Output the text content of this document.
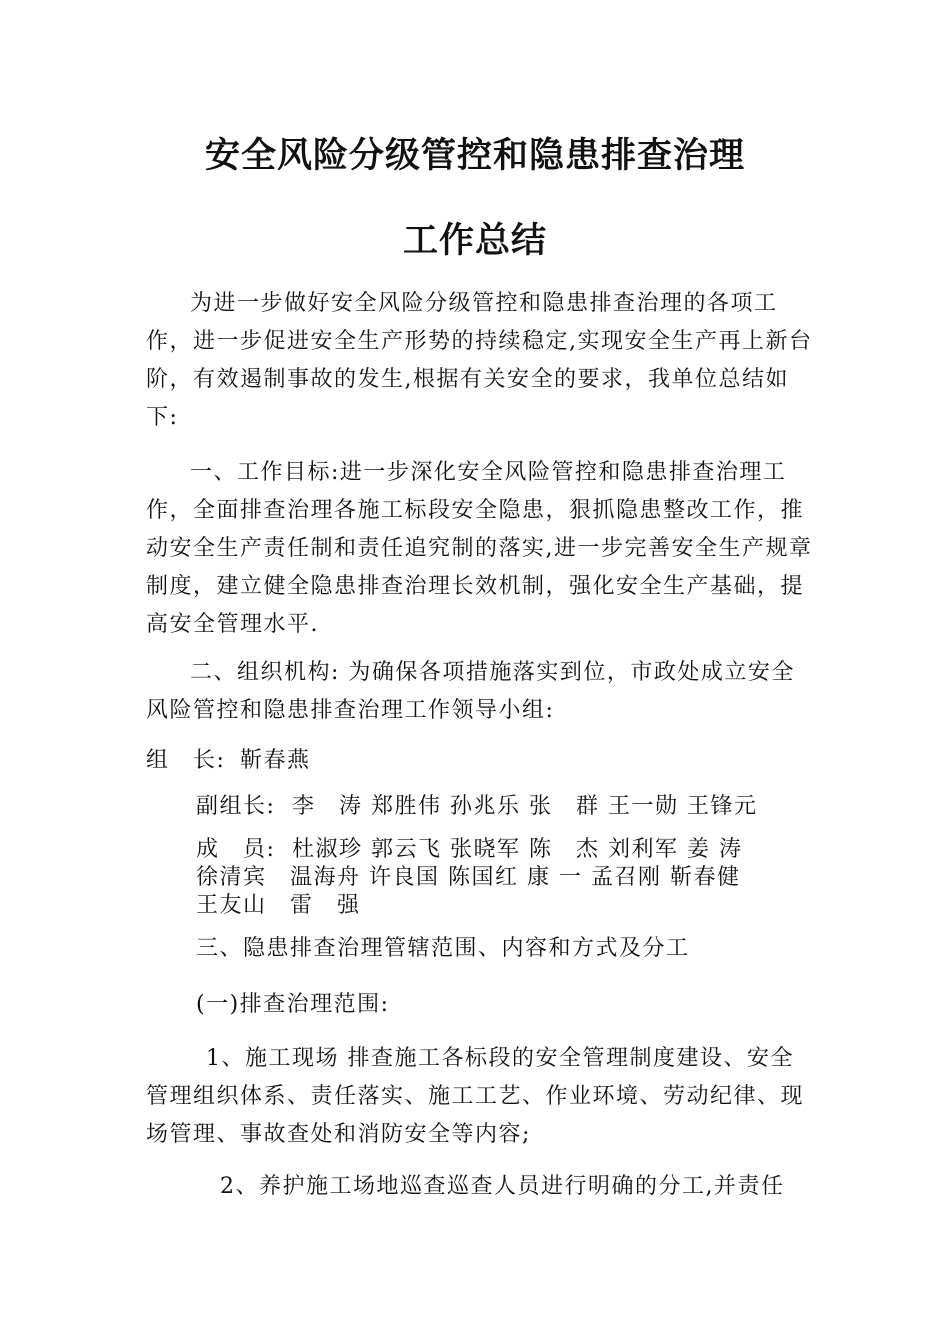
安全风险分级管控和隐患排查治理
工作总结

为进一步做好安全风险分级管控和隐患排查治理的各项工作，进一步促进安全生产形势的持续稳定,实现安全生产再上新台阶，有效遏制事故的发生,根据有关安全的要求，我单位总结如下:

一、工作目标:进一步深化安全风险管控和隐患排查治理工作，全面排查治理各施工标段安全隐患，狠抓隐患整改工作，推动安全生产责任制和责任追究制的落实,进一步完善安全生产规章制度，建立健全隐患排查治理长效机制，强化安全生产基础，提高安全管理水平.

二、组织机构: 为确保各项措施落实到位，市政处成立安全风险管控和隐患排查治理工作领导小组:

组　长: 靳春燕

副组长: 李　涛 郑胜伟 孙兆乐 张　群 王一勋 王锋元

成　员: 杜淑珍 郭云飞 张晓军 陈　杰 刘利军 姜 涛
徐清宾　温海舟 许良国 陈国红 康 一 孟召刚 靳春健
王友山　雷　强

三、隐患排查治理管辖范围、内容和方式及分工

(一)排查治理范围:

1、施工现场 排查施工各标段的安全管理制度建设、安全管理组织体系、责任落实、施工工艺、作业环境、劳动纪律、现场管理、事故查处和消防安全等内容;

2、养护施工场地巡查巡查人员进行明确的分工,并责任
